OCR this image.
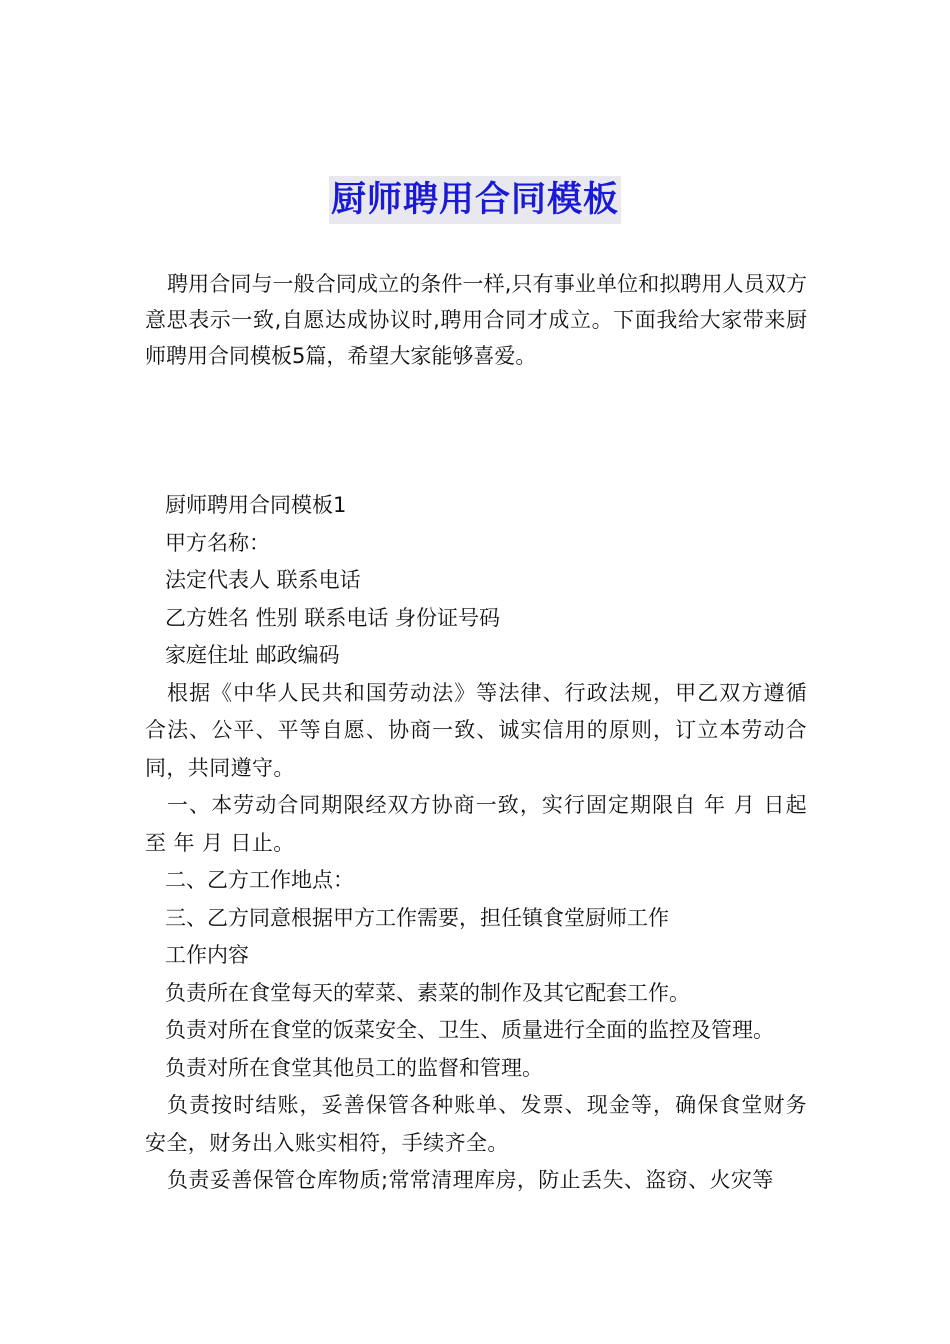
厨师聘用合同模板
聘用合同与一般合同成立的条件一样,只有事业单位和拟聘用人员双方意思表示一致,自愿达成协议时,聘用合同才成立。下面我给大家带来厨师聘用合同模板5篇，希望大家能够喜爱。
厨师聘用合同模板1
甲方名称：
法定代表人 联系电话
乙方姓名 性别 联系电话 身份证号码
家庭住址 邮政编码
根据《中华人民共和国劳动法》等法律、行政法规，甲乙双方遵循合法、公平、平等自愿、协商一致、诚实信用的原则，订立本劳动合同，共同遵守。
一、本劳动合同期限经双方协商一致，实行固定期限自 年 月 日起至 年 月 日止。
二、乙方工作地点：
三、乙方同意根据甲方工作需要，担任镇食堂厨师工作
工作内容
负责所在食堂每天的荤菜、素菜的制作及其它配套工作。
负责对所在食堂的饭菜安全、卫生、质量进行全面的监控及管理。
负责对所在食堂其他员工的监督和管理。
负责按时结账，妥善保管各种账单、发票、现金等，确保食堂财务安全，财务出入账实相符，手续齐全。
负责妥善保管仓库物质;常常清理库房，防止丢失、盗窃、火灾等
